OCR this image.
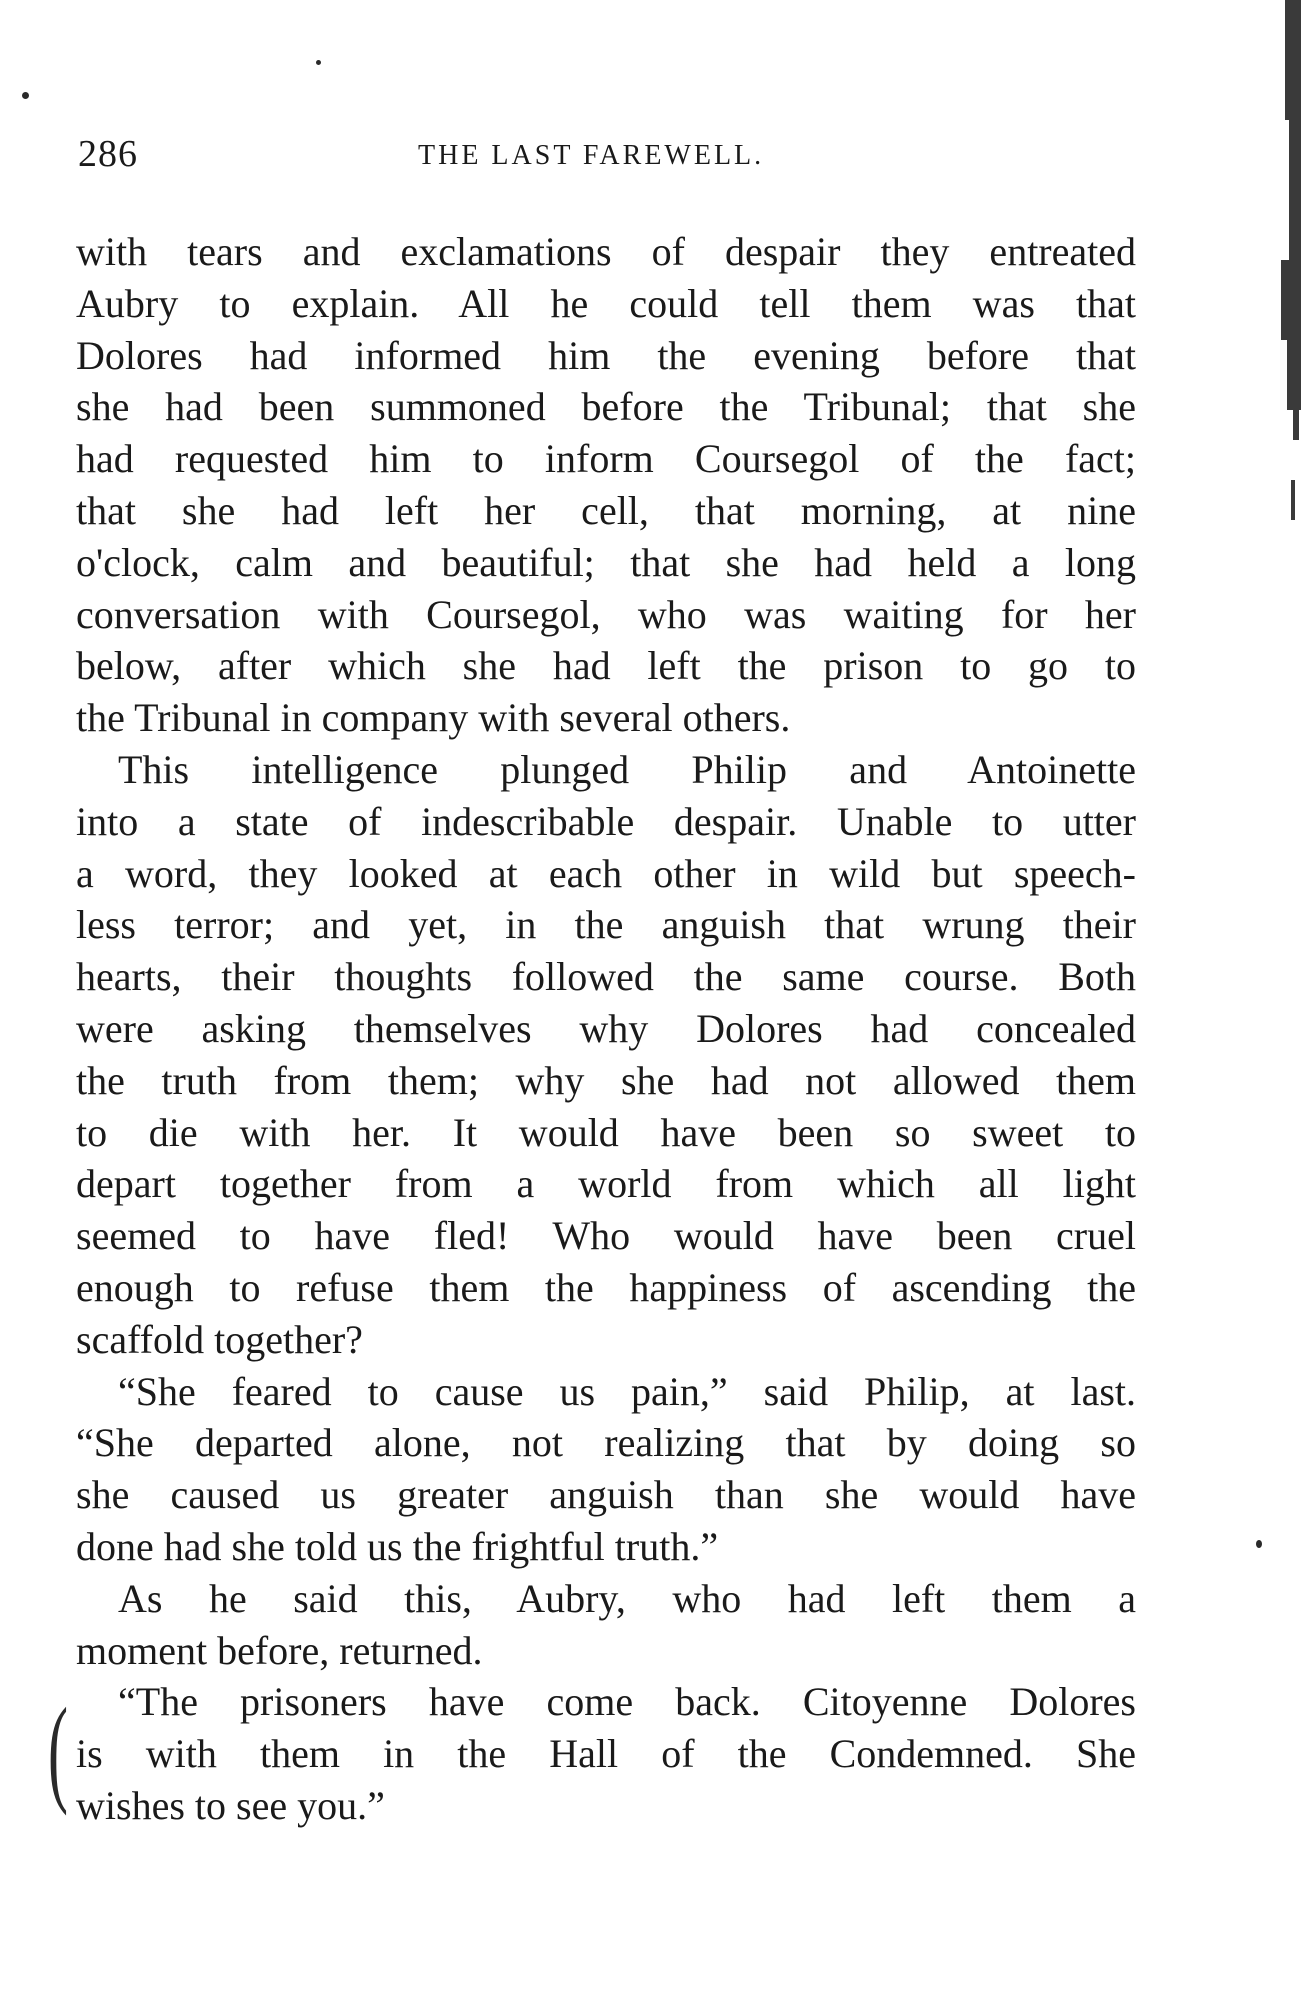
286	THE LAST FAREWELL.
with tears and exclamations of despair they entreated
Aubry to explain. All he could tell them was that
Dolores had informed him the evening before that
she had been summoned before the Tribunal; that she
had requested him to inform Coursegol of the fact;
that she had left her cell, that morning, at nine
o'clock, calm and beautiful; that she had held a long
conversation with Coursegol, who was waiting for her
below, after which she had left the prison to go to
the Tribunal in company with several others.
This intelligence plunged Philip and Antoinette
into a state of indescribable despair. Unable to utter
a word, they looked at each other in wild but speech-
less terror; and yet, in the anguish that wrung their
hearts, their thoughts followed the same course. Both
were asking themselves why Dolores had concealed
the truth from them; why she had not allowed them
to die with her. It would have been so sweet to
depart together from a world from which all light
seemed to have fled! Who would have been cruel
enough to refuse them the happiness of ascending the
scaffold together?
“She feared to cause us pain,” said Philip, at last.
“She departed alone, not realizing that by doing so
she caused us greater anguish than she would have
done had she told us the frightful truth.”
As he said this, Aubry, who had left them a
moment before, returned.
“The prisoners have come back. Citoyenne Dolores
is with them in the Hall of the Condemned. She
wishes to see you.”
(
